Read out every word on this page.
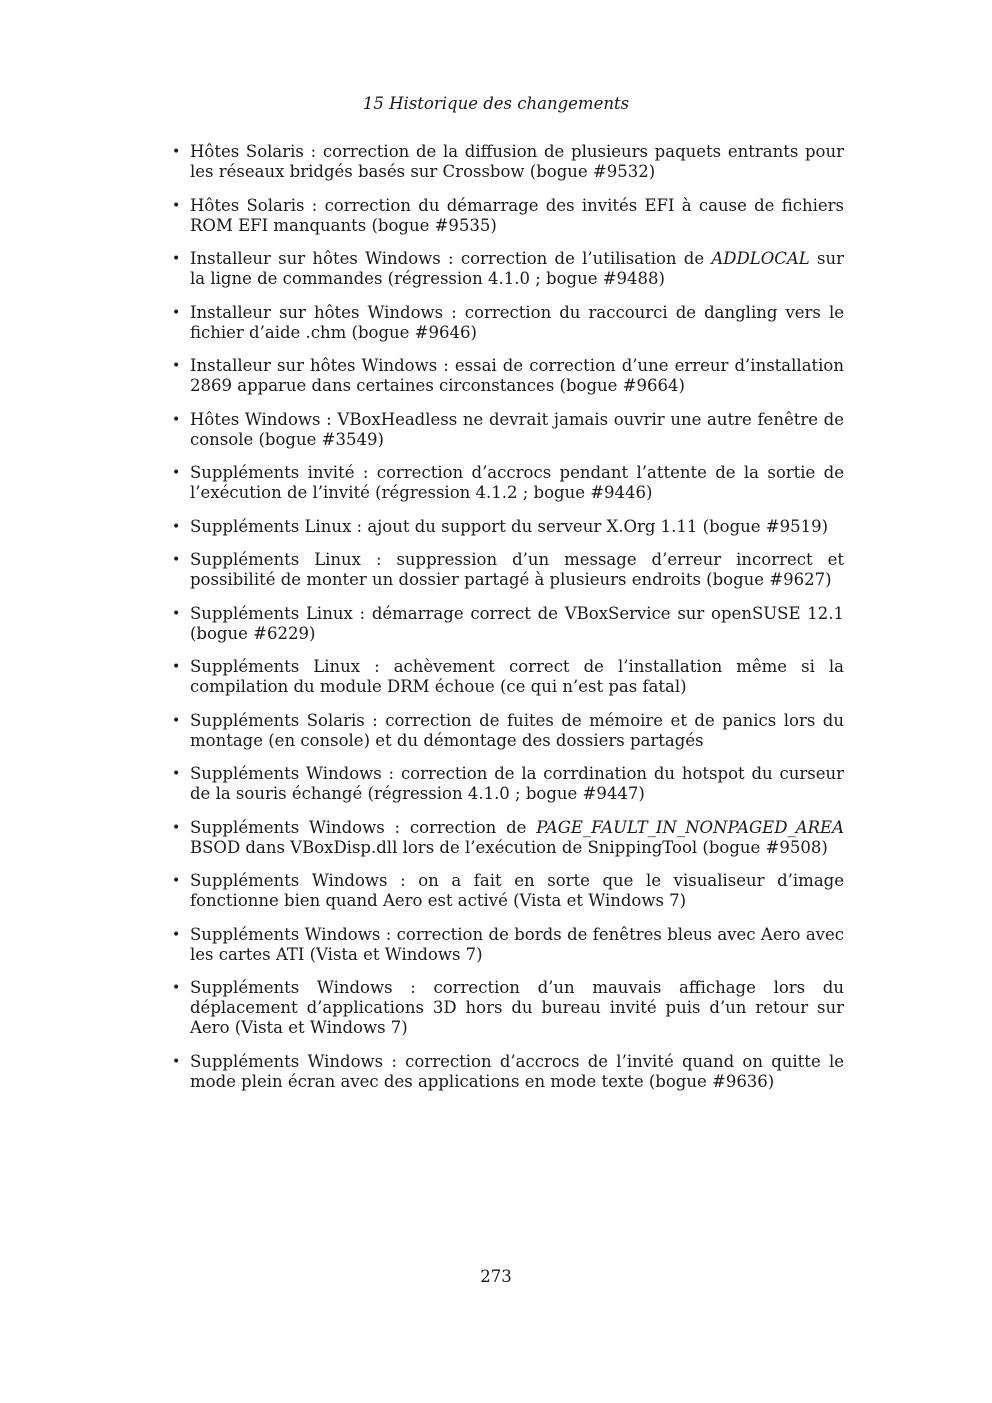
15 Historique des changements
• Hôtes Solaris : correction de la diffusion de plusieurs paquets entrants pour les réseaux bridgés basés sur Crossbow (bogue #9532)
• Hôtes Solaris : correction du démarrage des invités EFI à cause de fichiers ROM EFI manquants (bogue #9535)
• Installeur sur hôtes Windows : correction de l’utilisation de ADDLOCAL sur la ligne de commandes (régression 4.1.0 ; bogue #9488)
• Installeur sur hôtes Windows : correction du raccourci de dangling vers le fichier d’aide .chm (bogue #9646)
• Installeur sur hôtes Windows : essai de correction d’une erreur d’installation 2869 apparue dans certaines circonstances (bogue #9664)
• Hôtes Windows : VBoxHeadless ne devrait jamais ouvrir une autre fenêtre de console (bogue #3549)
• Suppléments invité : correction d’accrocs pendant l’attente de la sortie de l’exécution de l’invité (régression 4.1.2 ; bogue #9446)
• Suppléments Linux : ajout du support du serveur X.Org 1.11 (bogue #9519)
• Suppléments Linux : suppression d’un message d’erreur incorrect et possibilité de monter un dossier partagé à plusieurs endroits (bogue #9627)
• Suppléments Linux : démarrage correct de VBoxService sur openSUSE 12.1 (bogue #6229)
• Suppléments Linux : achèvement correct de l’installation même si la compilation du module DRM échoue (ce qui n’est pas fatal)
• Suppléments Solaris : correction de fuites de mémoire et de panics lors du montage (en console) et du démontage des dossiers partagés
• Suppléments Windows : correction de la corrdination du hotspot du curseur de la souris échangé (régression 4.1.0 ; bogue #9447)
• Suppléments Windows : correction de PAGE_FAULT_IN_NONPAGED_AREA BSOD dans VBoxDisp.dll lors de l’exécution de SnippingTool (bogue #9508)
• Suppléments Windows : on a fait en sorte que le visualiseur d’image fonctionne bien quand Aero est activé (Vista et Windows 7)
• Suppléments Windows : correction de bords de fenêtres bleus avec Aero avec les cartes ATI (Vista et Windows 7)
• Suppléments Windows : correction d’un mauvais affichage lors du déplacement d’applications 3D hors du bureau invité puis d’un retour sur Aero (Vista et Windows 7)
• Suppléments Windows : correction d’accrocs de l’invité quand on quitte le mode plein écran avec des applications en mode texte (bogue #9636)
273
